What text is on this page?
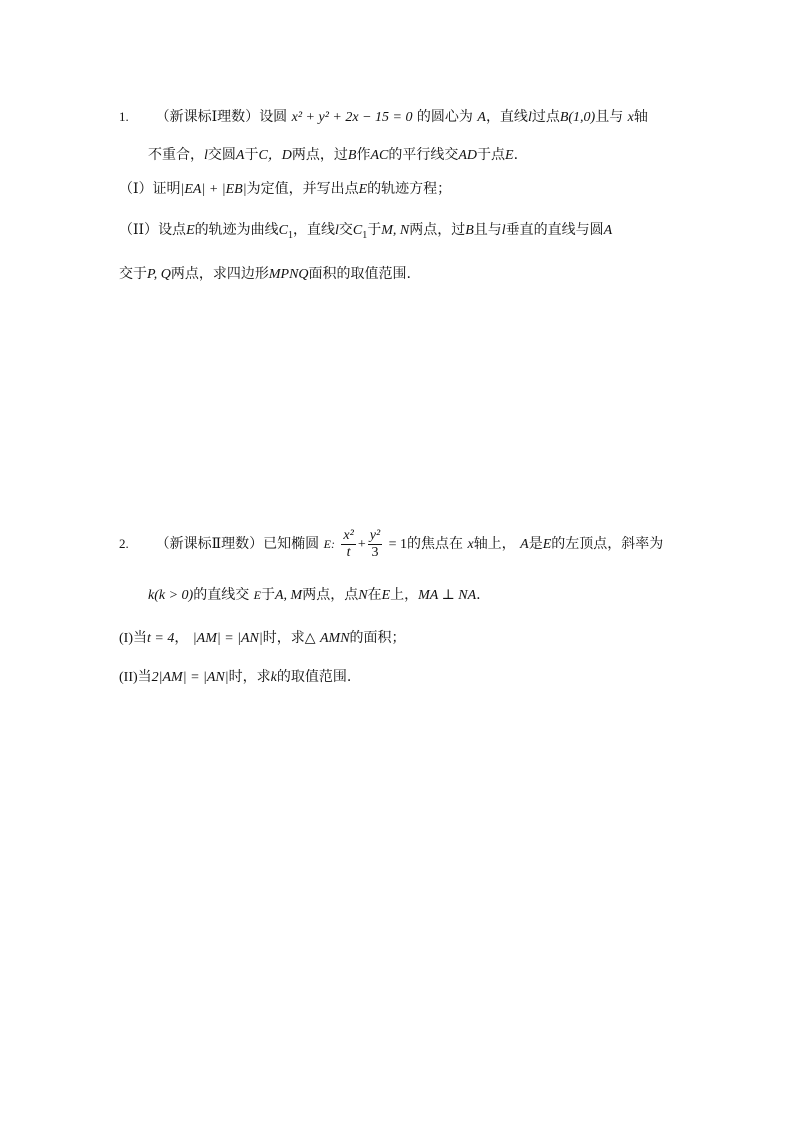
1. （新课标Ⅰ理数）设圆 x² + y² + 2x − 15 = 0 的圆心为 A，直线l过点B(1,0)且与 x轴
不重合，l交圆A于C，D两点，过B作AC的平行线交AD于点E.
（I）证明|EA| + |EB|为定值，并写出点E的轨迹方程；
（II）设点E的轨迹为曲线$C_1$，直线l交$C_1$于M, N两点，过B且与l垂直的直线与圆A
交于P, Q两点，求四边形MPNQ面积的取值范围.
2. （新课标Ⅱ理数）已知椭圆 E: $\frac{\text{x²}}{t} + \frac{\text{y²}}{3} = 1$的焦点在 x轴上， A是E的左顶点，斜率为
k(k > 0)的直线交 E于A, M两点，点N在E上，MA ⊥ NA.
(I)当t = 4， |AM| = |AN|时，求△ AMN的面积；
(II)当2|AM| = |AN|时，求k的取值范围.
